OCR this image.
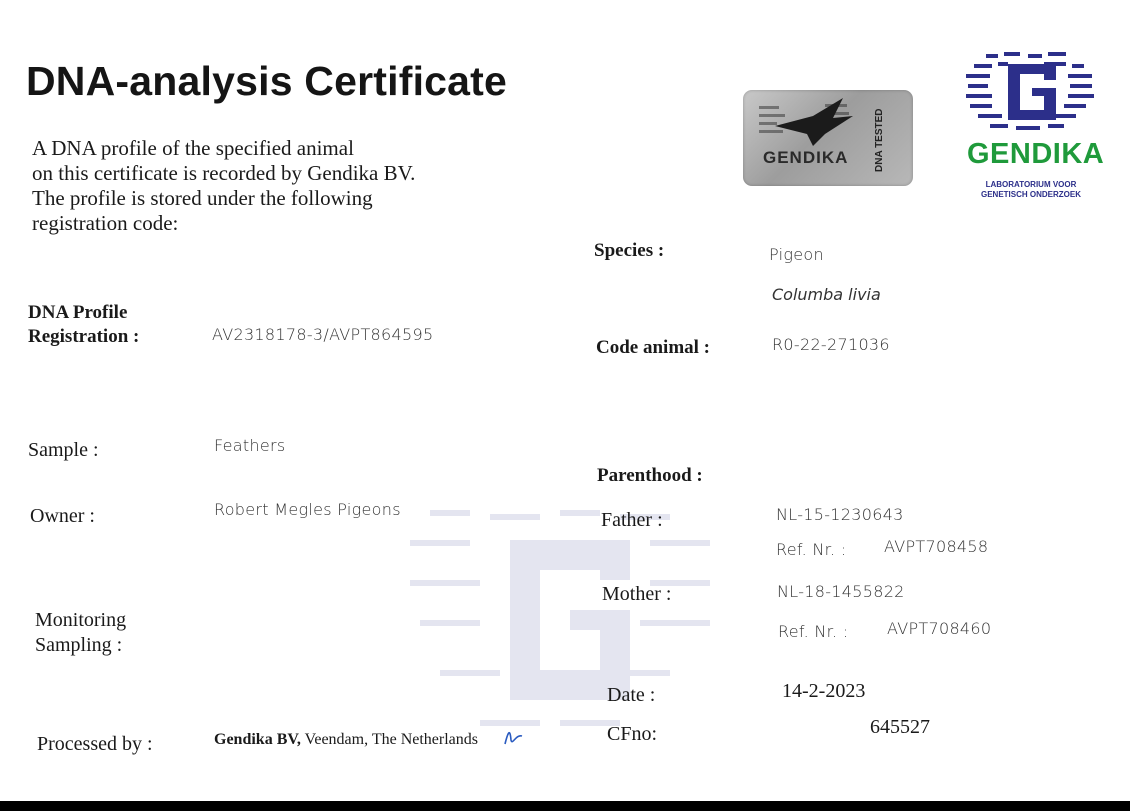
DNA-analysis Certificate
A DNA profile of the specified animal
on this certificate is recorded by Gendika BV.
The profile is stored under the following
registration code:
GENDIKA	DNA TESTED	GENDIKA
LABORATORIUM VOOR
GENETISCH ONDERZOEK
DNA Profile
Registration :	AV2318178-3/AVPT864595
Sample :	Feathers
Owner :	Robert Megles Pigeons
Monitoring
Sampling :
Processed by :	Gendika BV, Veendam, The Netherlands
Species :	Pigeon
Columba livia
Code animal :	R0-22-271036
Parenthood :
Father :	NL-15-1230643
Ref. Nr. : AVPT708458
Mother :	NL-18-1455822
Ref. Nr. : AVPT708460
Date :	14-2-2023
CFno:	645527
